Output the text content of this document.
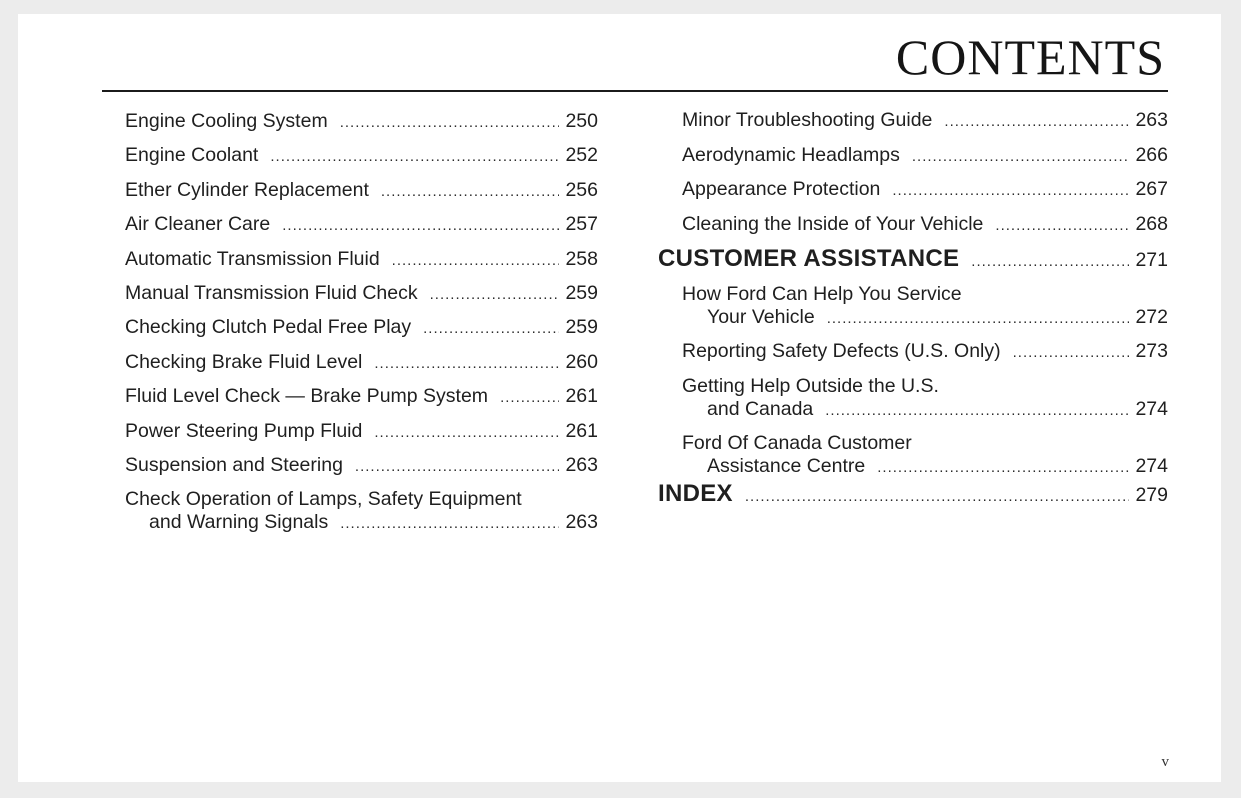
CONTENTS
Engine Cooling System .....	250
Engine Coolant .....	252
Ether Cylinder Replacement .....	256
Air Cleaner Care .....	257
Automatic Transmission Fluid .....	258
Manual Transmission Fluid Check .....	259
Checking Clutch Pedal Free Play .....	259
Checking Brake Fluid Level .....	260
Fluid Level Check — Brake Pump System .....	261
Power Steering Pump Fluid .....	261
Suspension and Steering .....	263
Check Operation of Lamps, Safety Equipment
and Warning Signals .....	263
Minor Troubleshooting Guide .....	263
Aerodynamic Headlamps .....	266
Appearance Protection .....	267
Cleaning the Inside of Your Vehicle .....	268
CUSTOMER ASSISTANCE .....	271
How Ford Can Help You Service
Your Vehicle .....	272
Reporting Safety Defects (U.S. Only) .....	273
Getting Help Outside the U.S.
and Canada .....	274
Ford Of Canada Customer
Assistance Centre .....	274
INDEX .....	279
v
